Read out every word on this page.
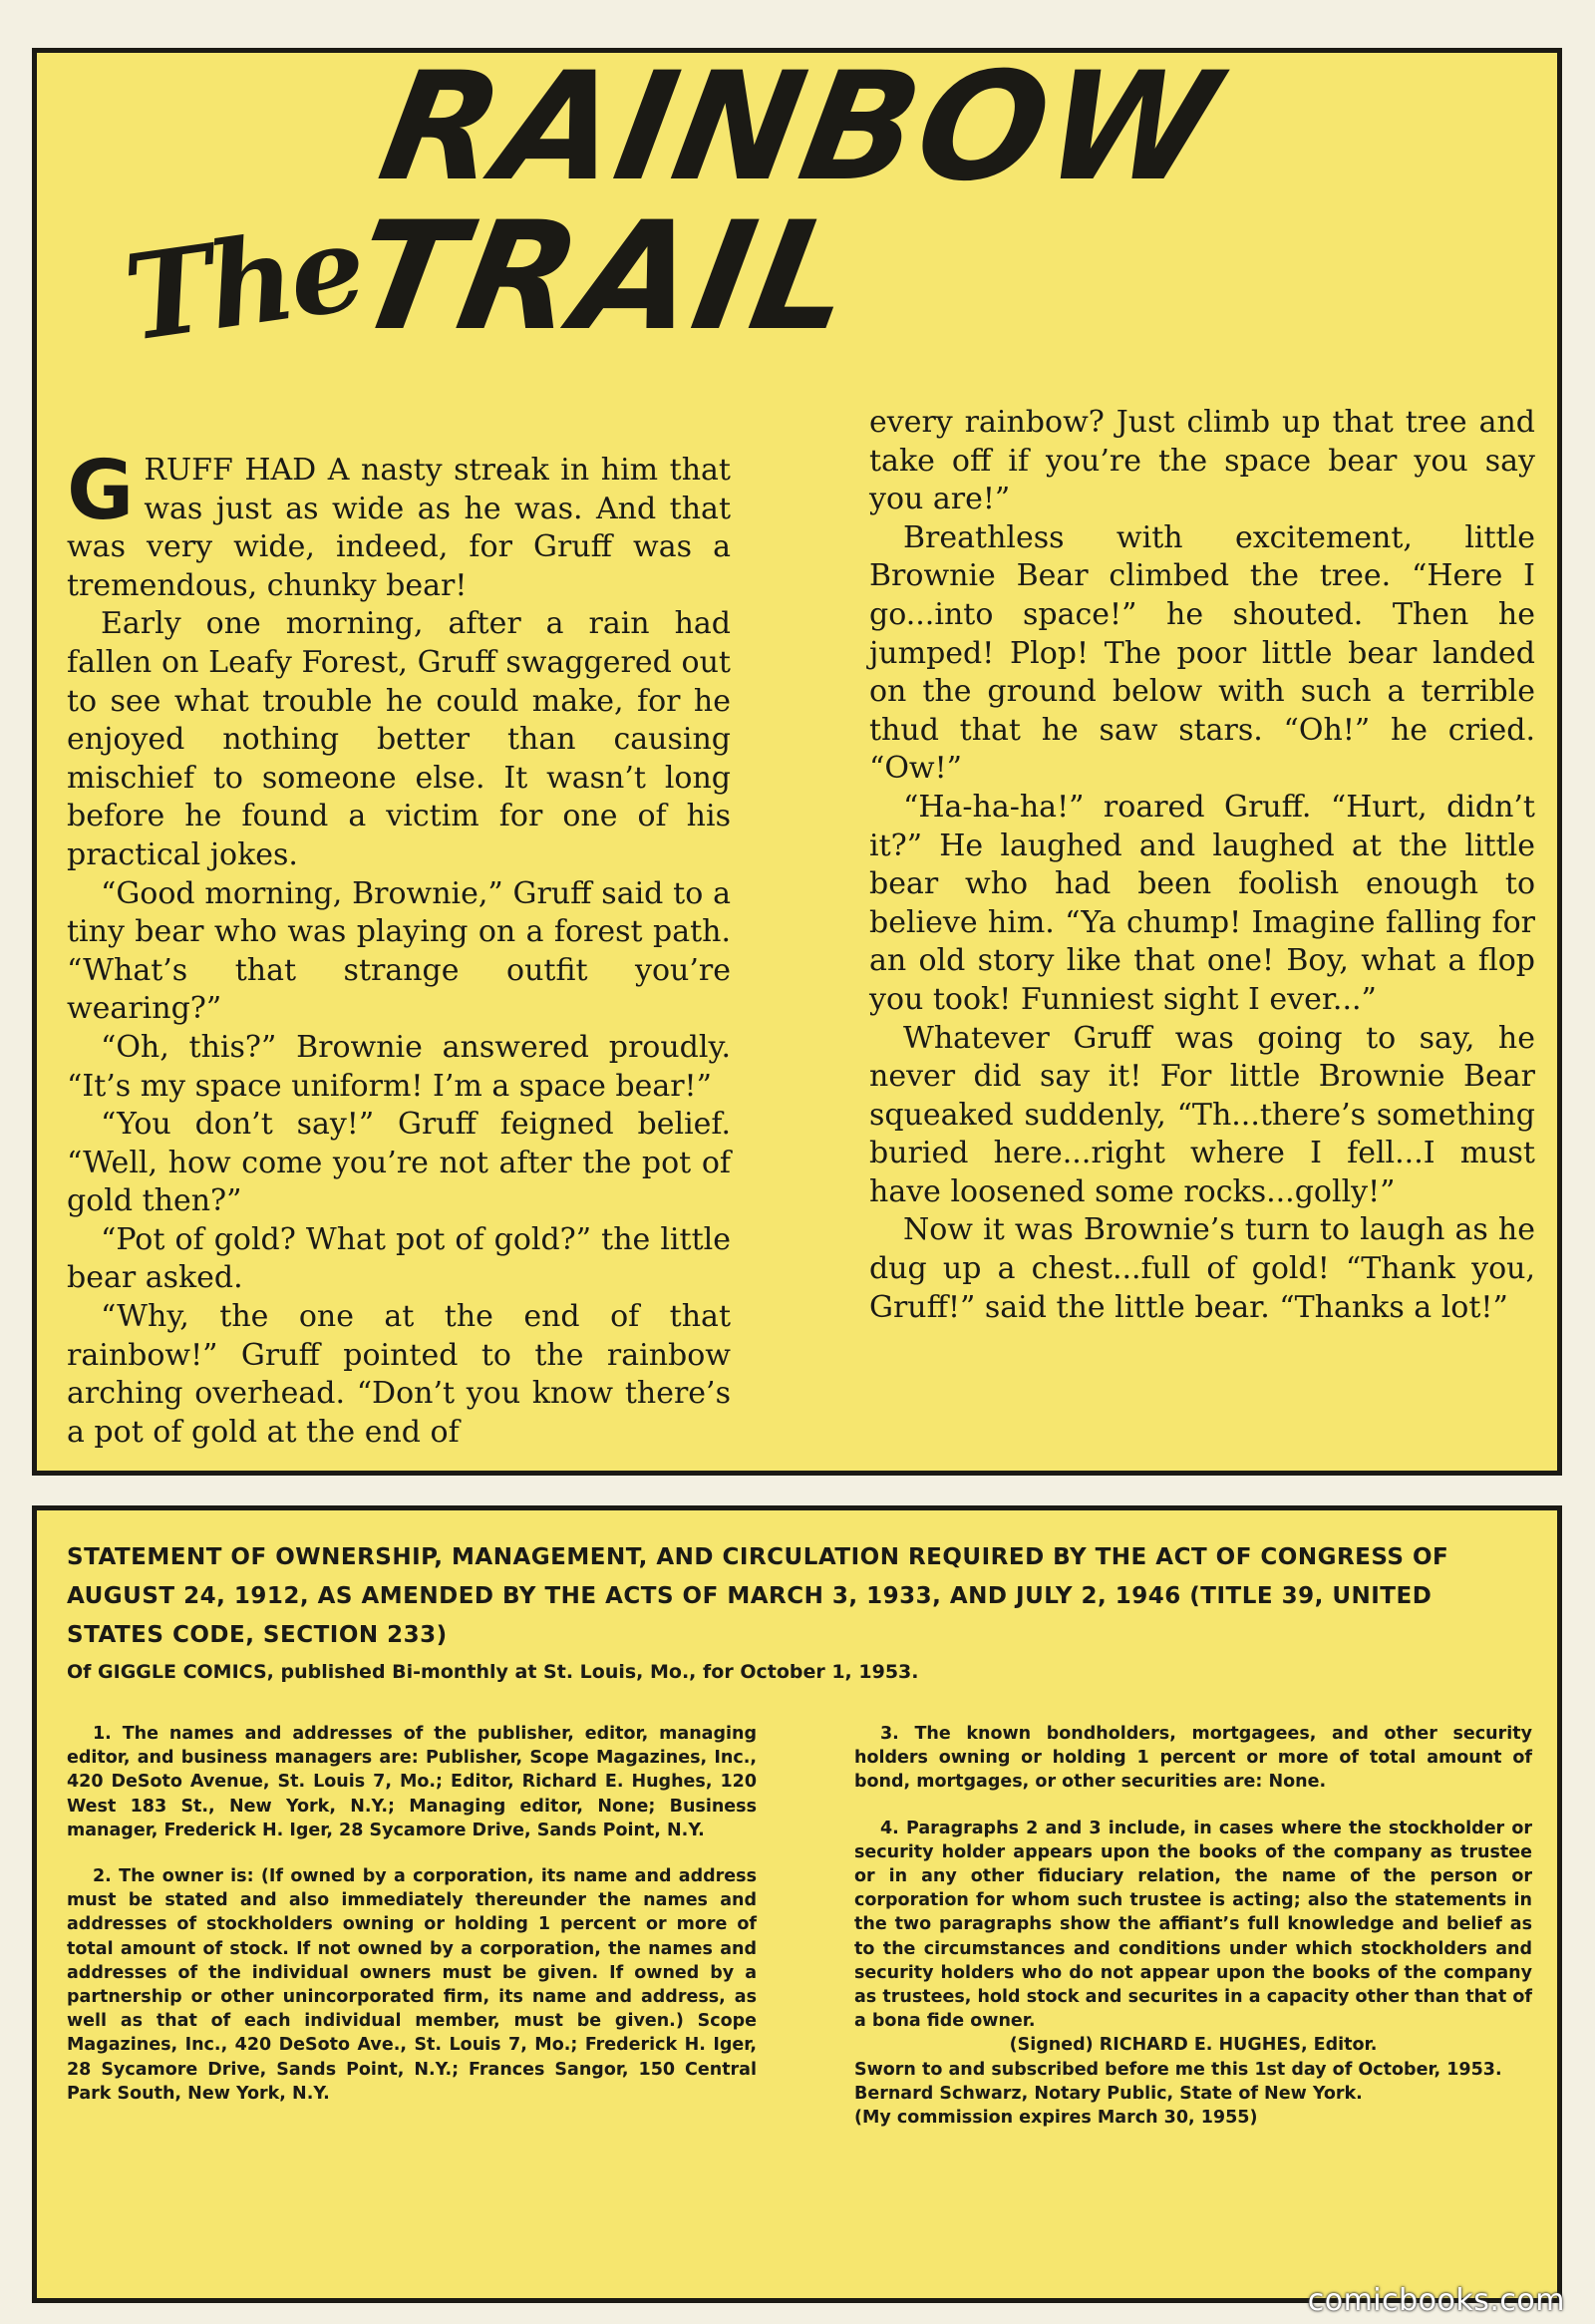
The
RAINBOW TRAIL

GRUFF HAD A nasty streak in him that was just as wide as he was. And that was very wide, indeed, for Gruff was a tremendous, chunky bear!

Early one morning, after a rain had fallen on Leafy Forest, Gruff swaggered out to see what trouble he could make, for he enjoyed nothing better than causing mischief to someone else. It wasn’t long before he found a victim for one of his practical jokes.

“Good morning, Brownie,” Gruff said to a tiny bear who was playing on a forest path. “What’s that strange outfit you’re wearing?”

“Oh, this?” Brownie answered proudly. “It’s my space uniform! I’m a space bear!”

“You don’t say!” Gruff feigned belief. “Well, how come you’re not after the pot of gold then?”

“Pot of gold? What pot of gold?” the little bear asked.

“Why, the one at the end of that rainbow!” Gruff pointed to the rainbow arching overhead. “Don’t you know there’s a pot of gold at the end of

every rainbow? Just climb up that tree and take off if you’re the space bear you say you are!”

Breathless with excitement, little Brownie Bear climbed the tree. “Here I go...into space!” he shouted. Then he jumped! Plop! The poor little bear landed on the ground below with such a terrible thud that he saw stars. “Oh!” he cried. “Ow!”

“Ha-ha-ha!” roared Gruff. “Hurt, didn’t it?” He laughed and laughed at the little bear who had been foolish enough to believe him. “Ya chump! Imagine falling for an old story like that one! Boy, what a flop you took! Funniest sight I ever...”

Whatever Gruff was going to say, he never did say it! For little Brownie Bear squeaked suddenly, “Th...there’s something buried here...right where I fell...I must have loosened some rocks...golly!”

Now it was Brownie’s turn to laugh as he dug up a chest...full of gold! “Thank you, Gruff!” said the little bear. “Thanks a lot!”

STATEMENT OF OWNERSHIP, MANAGEMENT, AND CIRCULATION REQUIRED BY THE ACT OF CONGRESS OF AUGUST 24, 1912, AS AMENDED BY THE ACTS OF MARCH 3, 1933, AND JULY 2, 1946 (TITLE 39, UNITED STATES CODE, SECTION 233)
Of GIGGLE COMICS, published Bi-monthly at St. Louis, Mo., for October 1, 1953.

1. The names and addresses of the publisher, editor, managing editor, and business managers are: Publisher, Scope Magazines, Inc., 420 DeSoto Avenue, St. Louis 7, Mo.; Editor, Richard E. Hughes, 120 West 183 St., New York, N.Y.; Managing editor, None; Business manager, Frederick H. Iger, 28 Sycamore Drive, Sands Point, N.Y.

2. The owner is: (If owned by a corporation, its name and address must be stated and also immediately thereunder the names and addresses of stockholders owning or holding 1 percent or more of total amount of stock. If not owned by a corporation, the names and addresses of the individual owners must be given. If owned by a partnership or other unincorporated firm, its name and address, as well as that of each individual member, must be given.) Scope Magazines, Inc., 420 DeSoto Ave., St. Louis 7, Mo.; Frederick H. Iger, 28 Sycamore Drive, Sands Point, N.Y.; Frances Sangor, 150 Central Park South, New York, N.Y.

3. The known bondholders, mortgagees, and other security holders owning or holding 1 percent or more of total amount of bond, mortgages, or other securities are: None.

4. Paragraphs 2 and 3 include, in cases where the stockholder or security holder appears upon the books of the company as trustee or in any other fiduciary relation, the name of the person or corporation for whom such trustee is acting; also the statements in the two paragraphs show the affiant’s full knowledge and belief as to the circumstances and conditions under which stockholders and security holders who do not appear upon the books of the company as trustees, hold stock and securites in a capacity other than that of a bona fide owner.

(Signed) RICHARD E. HUGHES, Editor.
Sworn to and subscribed before me this 1st day of October, 1953.
Bernard Schwarz, Notary Public, State of New York.
(My commission expires March 30, 1955)
comicbooks.com
